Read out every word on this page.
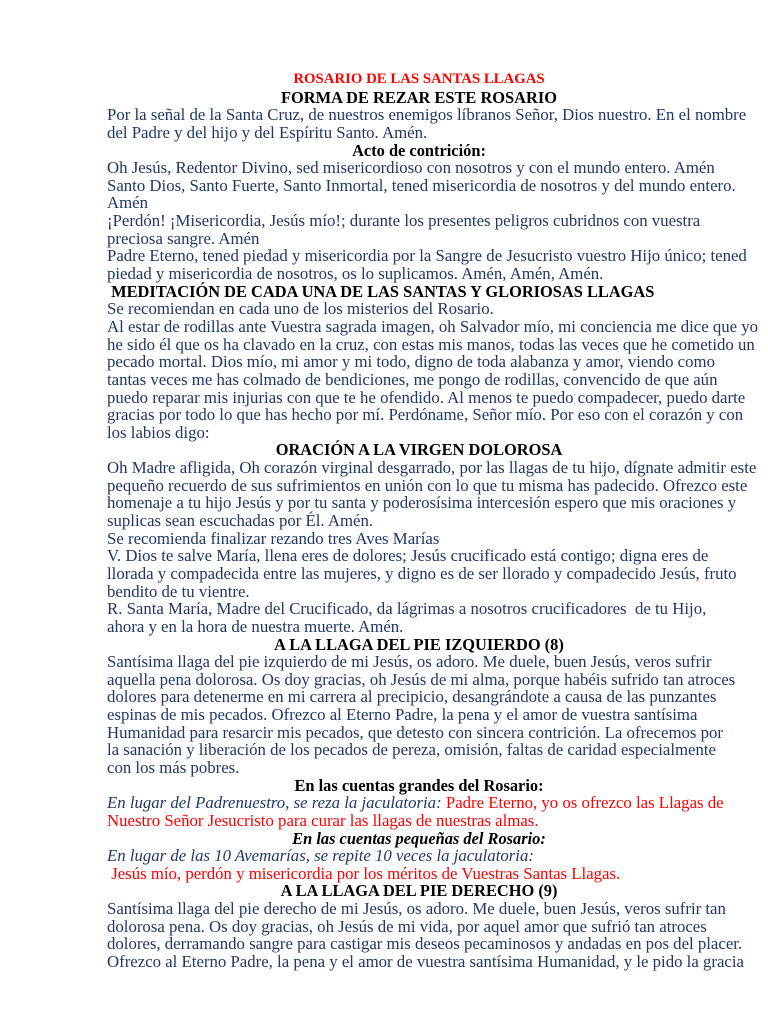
ROSARIO DE LAS SANTAS LLAGAS
FORMA DE REZAR ESTE ROSARIO
Por la señal de la Santa Cruz, de nuestros enemigos líbranos Señor, Dios nuestro. En el nombre
del Padre y del hijo y del Espíritu Santo. Amén.
Acto de contrición:
Oh Jesús, Redentor Divino, sed misericordioso con nosotros y con el mundo entero. Amén
Santo Dios, Santo Fuerte, Santo Inmortal, tened misericordia de nosotros y del mundo entero.
Amén
¡Perdón! ¡Misericordia, Jesús mío!; durante los presentes peligros cubridnos con vuestra
preciosa sangre. Amén
Padre Eterno, tened piedad y misericordia por la Sangre de Jesucristo vuestro Hijo único; tened
piedad y misericordia de nosotros, os lo suplicamos. Amén, Amén, Amén.
MEDITACIÓN DE CADA UNA DE LAS SANTAS Y GLORIOSAS LLAGAS
Se recomiendan en cada uno de los misterios del Rosario.
Al estar de rodillas ante Vuestra sagrada imagen, oh Salvador mío, mi conciencia me dice que yo
he sido él que os ha clavado en la cruz, con estas mis manos, todas las veces que he cometido un
pecado mortal. Dios mío, mi amor y mi todo, digno de toda alabanza y amor, viendo como
tantas veces me has colmado de bendiciones, me pongo de rodillas, convencido de que aún
puedo reparar mis injurias con que te he ofendido. Al menos te puedo compadecer, puedo darte
gracias por todo lo que has hecho por mí. Perdóname, Señor mío. Por eso con el corazón y con
los labios digo:
ORACIÓN A LA VIRGEN DOLOROSA
Oh Madre afligida, Oh corazón virginal desgarrado, por las llagas de tu hijo, dígnate admitir este
pequeño recuerdo de sus sufrimientos en unión con lo que tu misma has padecido. Ofrezco este
homenaje a tu hijo Jesús y por tu santa y poderosísima intercesión espero que mis oraciones y
suplicas sean escuchadas por Él. Amén.
Se recomienda finalizar rezando tres Aves Marías
V. Dios te salve María, llena eres de dolores; Jesús crucificado está contigo; digna eres de
llorada y compadecida entre las mujeres, y digno es de ser llorado y compadecido Jesús, fruto
bendito de tu vientre.
R. Santa María, Madre del Crucificado, da lágrimas a nosotros crucificadores  de tu Hijo,
ahora y en la hora de nuestra muerte. Amén.
A LA LLAGA DEL PIE IZQUIERDO (8)
Santísima llaga del pie izquierdo de mi Jesús, os adoro. Me duele, buen Jesús, veros sufrir
aquella pena dolorosa. Os doy gracias, oh Jesús de mi alma, porque habéis sufrido tan atroces
dolores para detenerme en mi carrera al precipicio, desangrándote a causa de las punzantes
espinas de mis pecados. Ofrezco al Eterno Padre, la pena y el amor de vuestra santísima
Humanidad para resarcir mis pecados, que detesto con sincera contrición. La ofrecemos por
la sanación y liberación de los pecados de pereza, omisión, faltas de caridad especialmente
con los más pobres.
En las cuentas grandes del Rosario:
En lugar del Padrenuestro, se reza la jaculatoria: Padre Eterno, yo os ofrezco las Llagas de
Nuestro Señor Jesucristo para curar las llagas de nuestras almas.
En las cuentas pequeñas del Rosario:
En lugar de las 10 Avemarías, se repite 10 veces la jaculatoria:
Jesús mío, perdón y misericordia por los méritos de Vuestras Santas Llagas.
A LA LLAGA DEL PIE DERECHO (9)
Santísima llaga del pie derecho de mi Jesús, os adoro. Me duele, buen Jesús, veros sufrir tan
dolorosa pena. Os doy gracias, oh Jesús de mi vida, por aquel amor que sufrió tan atroces
dolores, derramando sangre para castigar mis deseos pecaminosos y andadas en pos del placer.
Ofrezco al Eterno Padre, la pena y el amor de vuestra santísima Humanidad, y le pido la gracia
